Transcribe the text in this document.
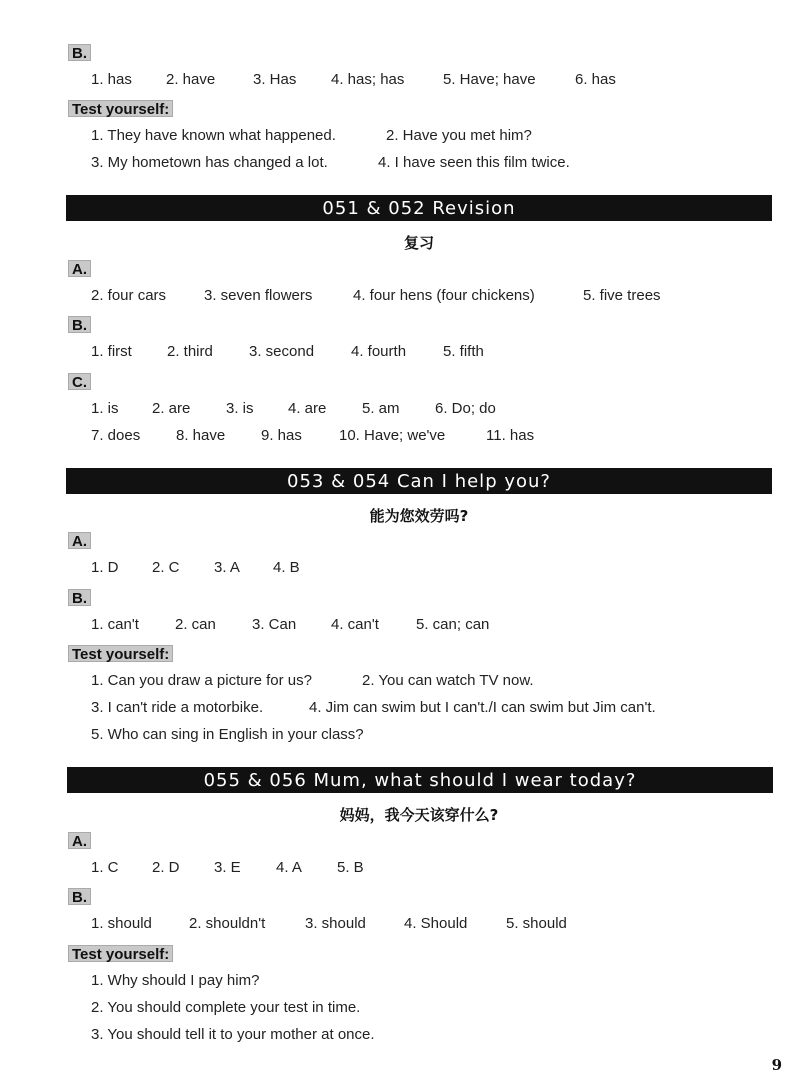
B.
1. has 2. have	3. Has 4. has; has	5. Have; have	6. has
Test yourself:
1. They have known what happened.	2. Have you met him?
3. My hometown has changed a lot.	4. I have seen this film twice.
051 & 052 Revision
复习
A.
2. four cars	3. seven flowers	4. four hens (four chickens)	5. five trees
B.
1. first 2. third 3. second 4. fourth 5. fifth
C.
1. is 2. are 3. is 4. are 5. am 6. Do; do
7. does 8. have 9. has 10. Have; we've	11. has
053 & 054 Can I help you?
能为您效劳吗?
A.
1. D 2. C 3. A 4. B
B.
1. can't 2. can 3. Can 4. can't 5. can; can
Test yourself:
1. Can you draw a picture for us?	2. You can watch TV now.
3. I can't ride a motorbike.	4. Jim can swim but I can't./I can swim but Jim can't.
5. Who can sing in English in your class?
055 & 056 Mum, what should I wear today?
妈妈，我今天该穿什么?
A.
1. C 2. D 3. E 4. A 5. B
B.
1. should 2. shouldn't	3. should	4. Should	5. should
Test yourself:
1. Why should I pay him?
2. You should complete your test in time.
3. You should tell it to your mother at once.
9
